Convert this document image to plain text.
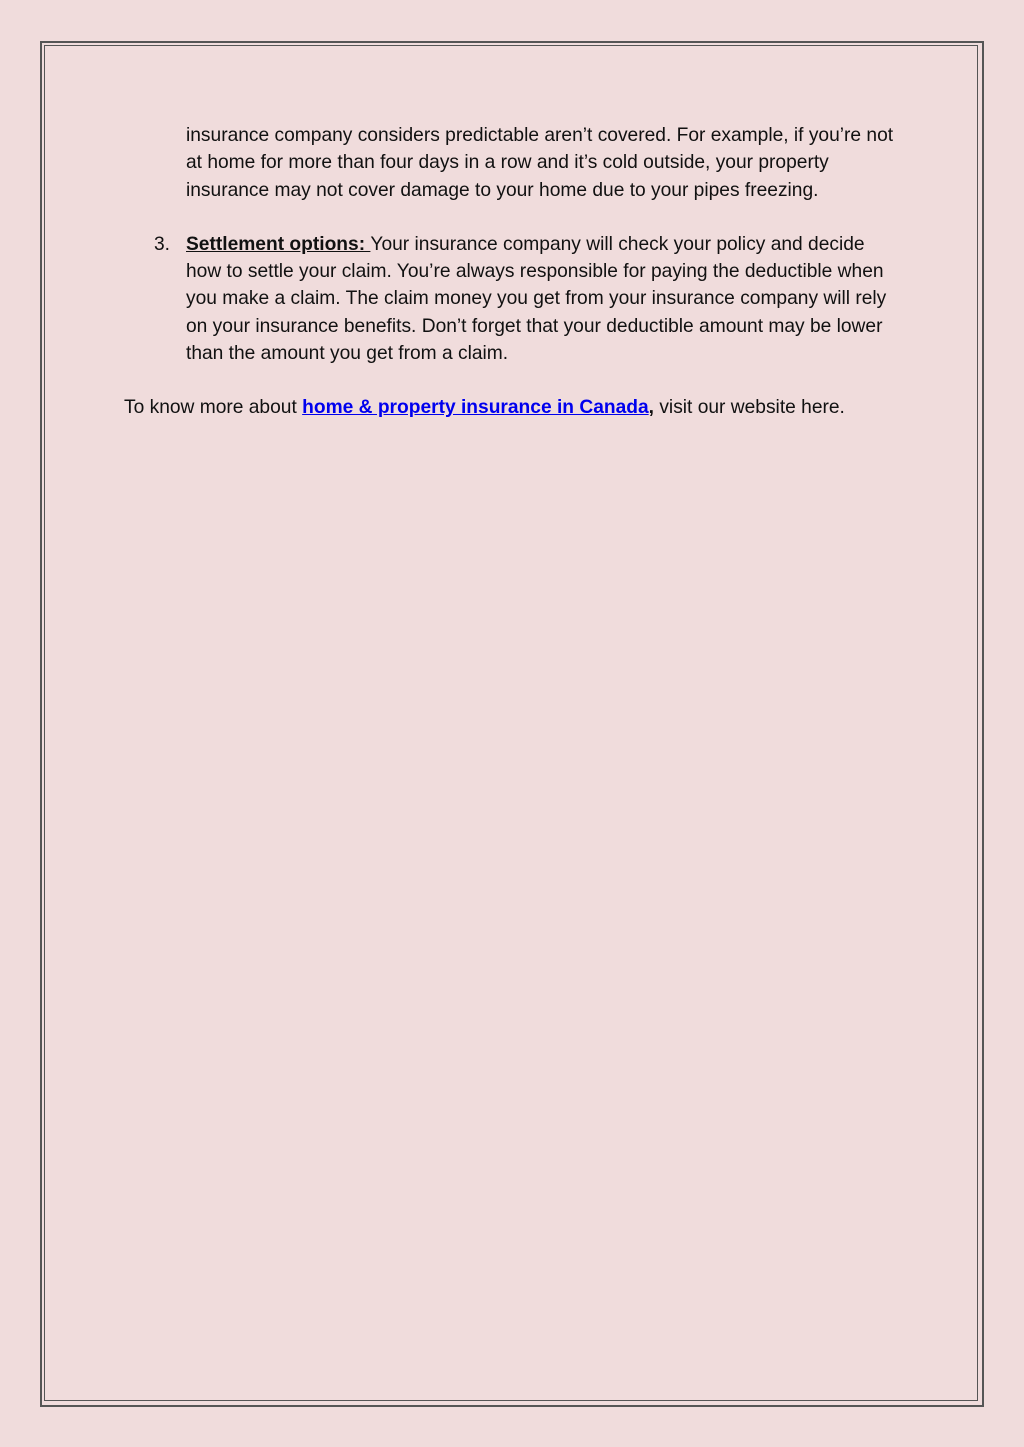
insurance company considers predictable aren’t covered. For example, if you’re not at home for more than four days in a row and it’s cold outside, your property insurance may not cover damage to your home due to your pipes freezing.

3. Settlement options: Your insurance company will check your policy and decide how to settle your claim. You’re always responsible for paying the deductible when you make a claim. The claim money you get from your insurance company will rely on your insurance benefits. Don’t forget that your deductible amount may be lower than the amount you get from a claim.

To know more about home & property insurance in Canada, visit our website here.
